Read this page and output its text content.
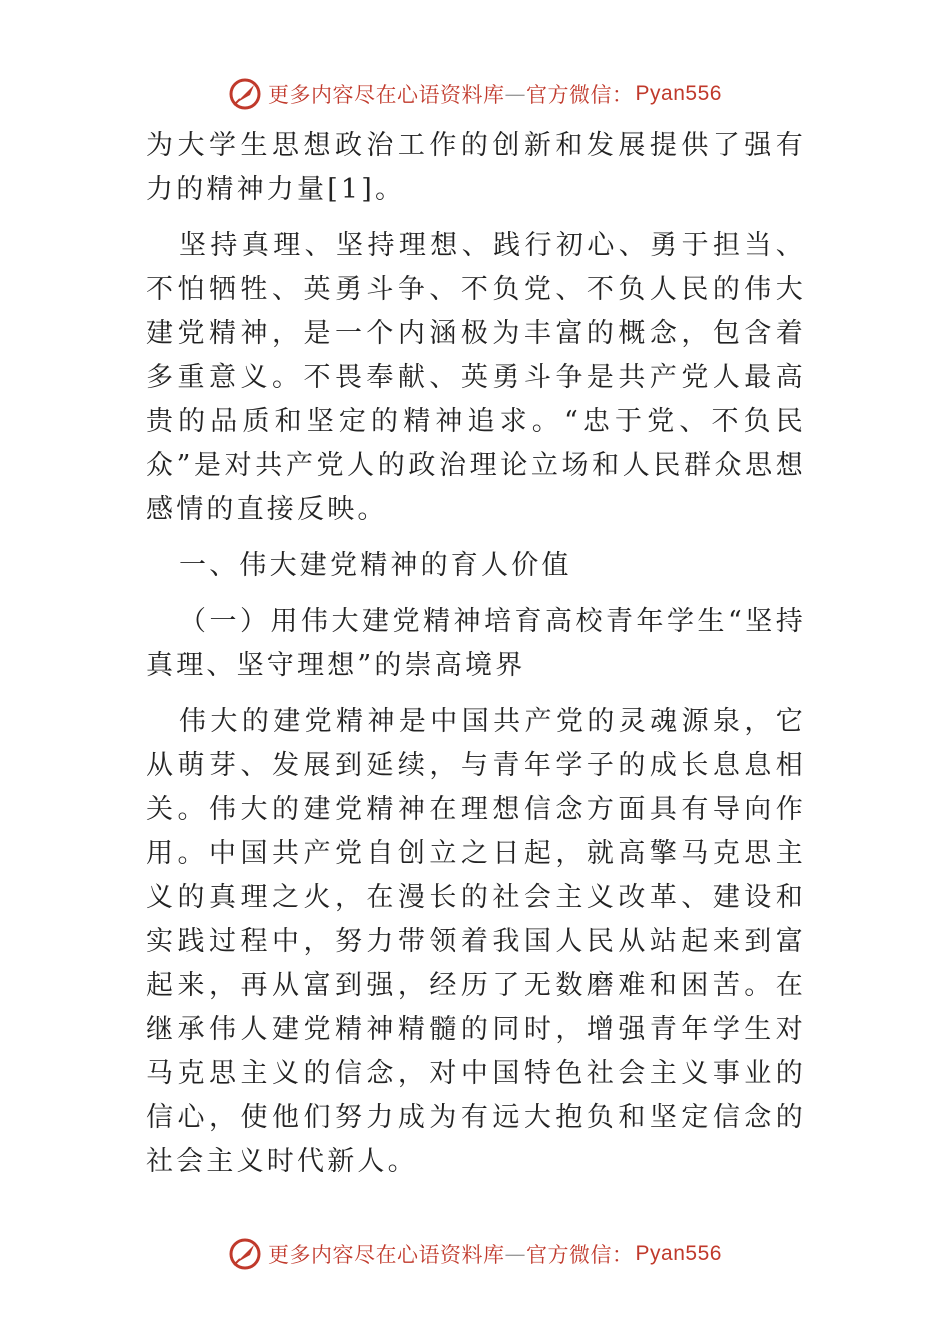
更多内容尽在心语资料库 — 官方微信： Pyan556

为大学生思想政治工作的创新和发展提供了强有力的精神力量[1]。

坚持真理、坚持理想、践行初心、勇于担当、不怕牺牲、英勇斗争、不负党、不负人民的伟大建党精神，是一个内涵极为丰富的概念，包含着多重意义。不畏奉献、英勇斗争是共产党人最高贵的品质和坚定的精神追求。“忠于党、不负民众”是对共产党人的政治理论立场和人民群众思想感情的直接反映。

一、伟大建党精神的育人价值

（一）用伟大建党精神培育高校青年学生“坚持真理、坚守理想”的崇高境界

伟大的建党精神是中国共产党的灵魂源泉，它从萌芽、发展到延续，与青年学子的成长息息相关。伟大的建党精神在理想信念方面具有导向作用。中国共产党自创立之日起，就高擎马克思主义的真理之火，在漫长的社会主义改革、建设和实践过程中，努力带领着我国人民从站起来到富起来，再从富到强，经历了无数磨难和困苦。在继承伟人建党精神精髓的同时，增强青年学生对马克思主义的信念，对中国特色社会主义事业的信心，使他们努力成为有远大抱负和坚定信念的社会主义时代新人。

更多内容尽在心语资料库 — 官方微信： Pyan556
